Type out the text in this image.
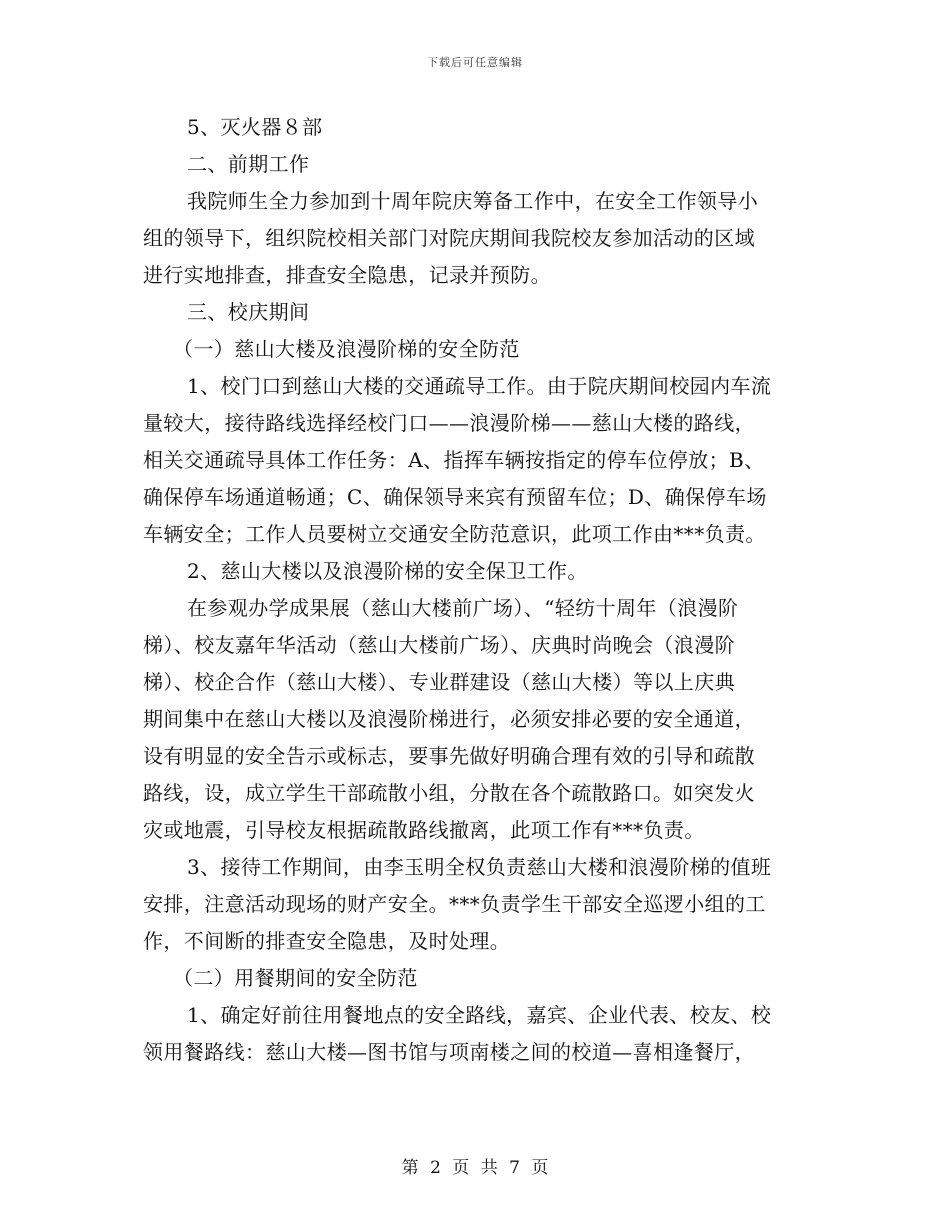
下载后可任意编辑
5、灭火器８部
二、前期工作
我院师生全力参加到十周年院庆筹备工作中，在安全工作领导小
组的领导下，组织院校相关部门对院庆期间我院校友参加活动的区域
进行实地排查，排查安全隐患，记录并预防。
三、校庆期间
（一）慈山大楼及浪漫阶梯的安全防范
1、校门口到慈山大楼的交通疏导工作。由于院庆期间校园内车流
量较大，接待路线选择经校门口——浪漫阶梯——慈山大楼的路线，
相关交通疏导具体工作任务：A、指挥车辆按指定的停车位停放；B、
确保停车场通道畅通；C、确保领导来宾有预留车位；D、确保停车场
车辆安全；工作人员要树立交通安全防范意识，此项工作由***负责。
2、慈山大楼以及浪漫阶梯的安全保卫工作。
在参观办学成果展（慈山大楼前广场）、“轻纺十周年（浪漫阶
梯）、校友嘉年华活动（慈山大楼前广场）、庆典时尚晚会（浪漫阶
梯）、校企合作（慈山大楼）、专业群建设（慈山大楼）等以上庆典
期间集中在慈山大楼以及浪漫阶梯进行，必须安排必要的安全通道，
设有明显的安全告示或标志，要事先做好明确合理有效的引导和疏散
路线，设，成立学生干部疏散小组，分散在各个疏散路口。如突发火
灾或地震，引导校友根据疏散路线撤离，此项工作有***负责。
3、接待工作期间，由李玉明全权负责慈山大楼和浪漫阶梯的值班
安排，注意活动现场的财产安全。***负责学生干部安全巡逻小组的工
作，不间断的排查安全隐患，及时处理。
（二）用餐期间的安全防范
1、确定好前往用餐地点的安全路线，嘉宾、企业代表、校友、校
领用餐路线：慈山大楼—图书馆与项南楼之间的校道—喜相逢餐厅，
第 2 页 共 7 页
